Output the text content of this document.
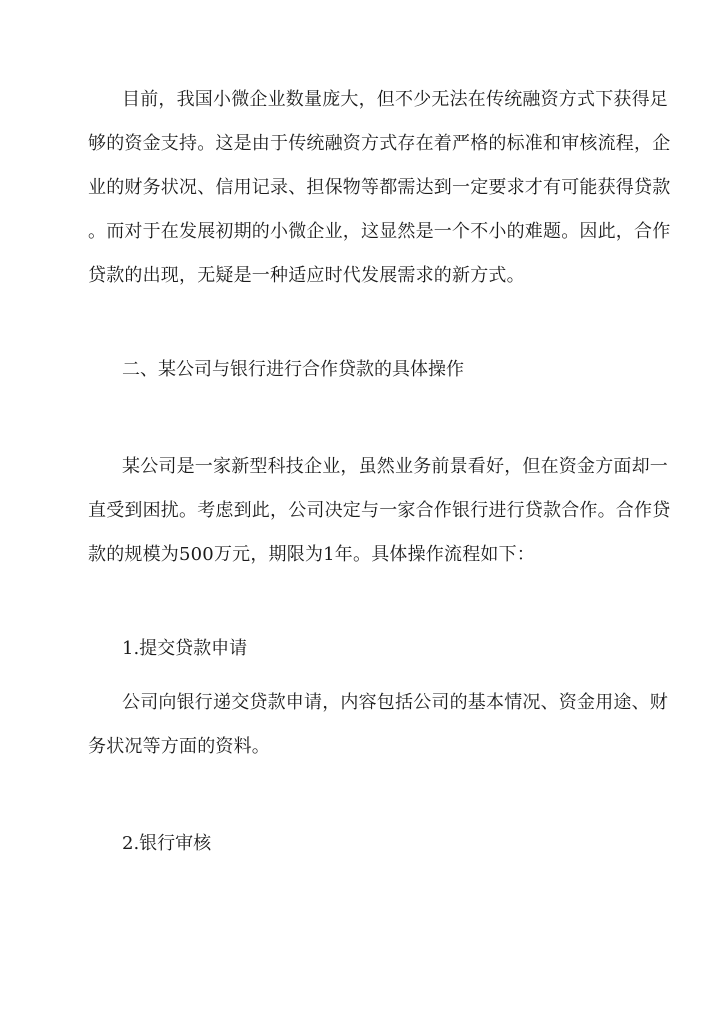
目前，我国小微企业数量庞大，但不少无法在传统融资方式下获得足
够的资金支持。这是由于传统融资方式存在着严格的标准和审核流程，企
业的财务状况、信用记录、担保物等都需达到一定要求才有可能获得贷款
。而对于在发展初期的小微企业，这显然是一个不小的难题。因此，合作
贷款的出现，无疑是一种适应时代发展需求的新方式。
二、某公司与银行进行合作贷款的具体操作
某公司是一家新型科技企业，虽然业务前景看好，但在资金方面却一
直受到困扰。考虑到此，公司决定与一家合作银行进行贷款合作。合作贷
款的规模为500万元，期限为1年。具体操作流程如下：
1.提交贷款申请
公司向银行递交贷款申请，内容包括公司的基本情况、资金用途、财
务状况等方面的资料。
2.银行审核
